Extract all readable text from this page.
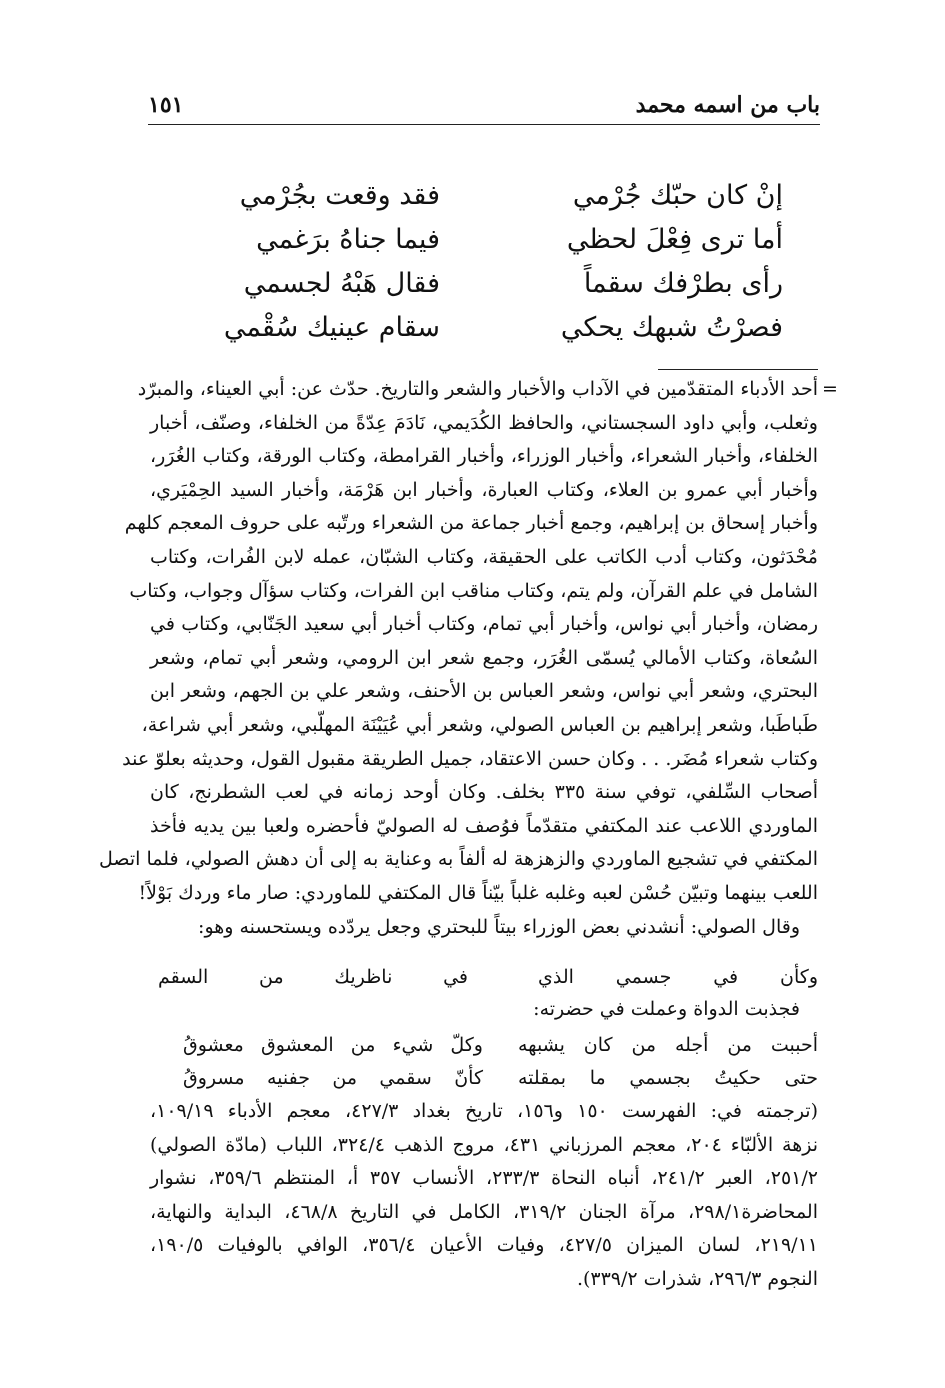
باب من اسمه محمد
١٥١
إنْ كان حبّك جُرْمي
فقد وقعت بجُرْمي
أما ترى فِعْلَ لحظي
فيما جناهُ برَغمي
رأى بطرْفك سقماً
فقال هَبْهُ لجسمي
فصرْتُ شبهك يحكي
سقام عينيك سُقْمي
=
أحد الأدباء المتقدّمين في الآداب والأخبار والشعر والتاريخ. حدّث عن: أبي العيناء، والمبرّد
وثعلب، وأبي داود السجستاني، والحافظ الكُدَيمي، نَادَمَ عِدّةً من الخلفاء، وصنّف، أخبار
الخلفاء، وأخبار الشعراء، وأخبار الوزراء، وأخبار القرامطة، وكتاب الورقة، وكتاب الغُرَر،
وأخبار أبي عمرو بن العلاء، وكتاب العبارة، وأخبار ابن هَرْمَة، وأخبار السيد الحِمْيَري،
وأخبار إسحاق بن إبراهيم، وجمع أخبار جماعة من الشعراء ورتّبه على حروف المعجم كلهم
مُحْدَثون، وكتاب أدب الكاتب على الحقيقة، وكتاب الشبّان، عمله لابن الفُرات، وكتاب
الشامل في علم القرآن، ولم يتم، وكتاب مناقب ابن الفرات، وكتاب سؤآل وجواب، وكتاب
رمضان، وأخبار أبي نواس، وأخبار أبي تمام، وكتاب أخبار أبي سعيد الجَنّابي، وكتاب في
السُعاة، وكتاب الأمالي يُسمّى الغُرَر، وجمع شعر ابن الرومي، وشعر أبي تمام، وشعر
البحتري، وشعر أبي نواس، وشعر العباس بن الأحنف، وشعر علي بن الجهم، وشعر ابن
طَباطَبا، وشعر إبراهيم بن العباس الصولي، وشعر أبي عُيَيْنَة المهلّبي، وشعر أبي شراعة،
وكتاب شعراء مُضَر. . . وكان حسن الاعتقاد، جميل الطريقة مقبول القول، وحديثه بعلوّ عند
أصحاب السِّلفي، توفي سنة ٣٣٥ بخلف. وكان أوحد زمانه في لعب الشطرنج، كان
الماوردي اللاعب عند المكتفي متقدّماً فوُصف له الصوليّ فأحضره ولعبا بين يديه فأخذ
المكتفي في تشجيع الماوردي والزهزهة له ألفاً به وعناية به إلى أن دهش الصولي، فلما اتصل
اللعب بينهما وتبيّن حُسْن لعبه وغلبه غلباً بيّناً قال المكتفي للماوردي: صار ماء وردك بَوْلاً!
وقال الصولي: أنشدني بعض الوزراء بيتاً للبحتري وجعل يردّده ويستحسنه وهو:
وكأن في جسمي الذي
في ناظريك من السقم
فجذبت الدواة وعملت في حضرته:
أحببت من أجله من كان يشبهه
وكلّ شيء من المعشوق معشوقُ
حتى حكيتُ بجسمي ما بمقلته
كأنّ سقمي من جفنيه مسروقُ
(ترجمته في: الفهرست ١٥٠ و١٥٦، تاريخ بغداد ٤٢٧/٣، معجم الأدباء ١٠٩/١٩،
نزهة الألبّاء ٢٠٤، معجم المرزباني ٤٣١، مروج الذهب ٣٢٤/٤، اللباب (مادّة الصولي)
٢٥١/٢، العبر ٢٤١/٢، أنباه النحاة ٢٣٣/٣، الأنساب ٣٥٧ أ، المنتظم ٣٥٩/٦، نشوار
المحاضرة٢٩٨/١، مرآة الجنان ٣١٩/٢، الكامل في التاريخ ٤٦٨/٨، البداية والنهاية،
٢١٩/١١، لسان الميزان ٤٢٧/٥، وفيات الأعيان ٣٥٦/٤، الوافي بالوفيات ١٩٠/٥،
النجوم ٢٩٦/٣، شذرات ٣٣٩/٢).
